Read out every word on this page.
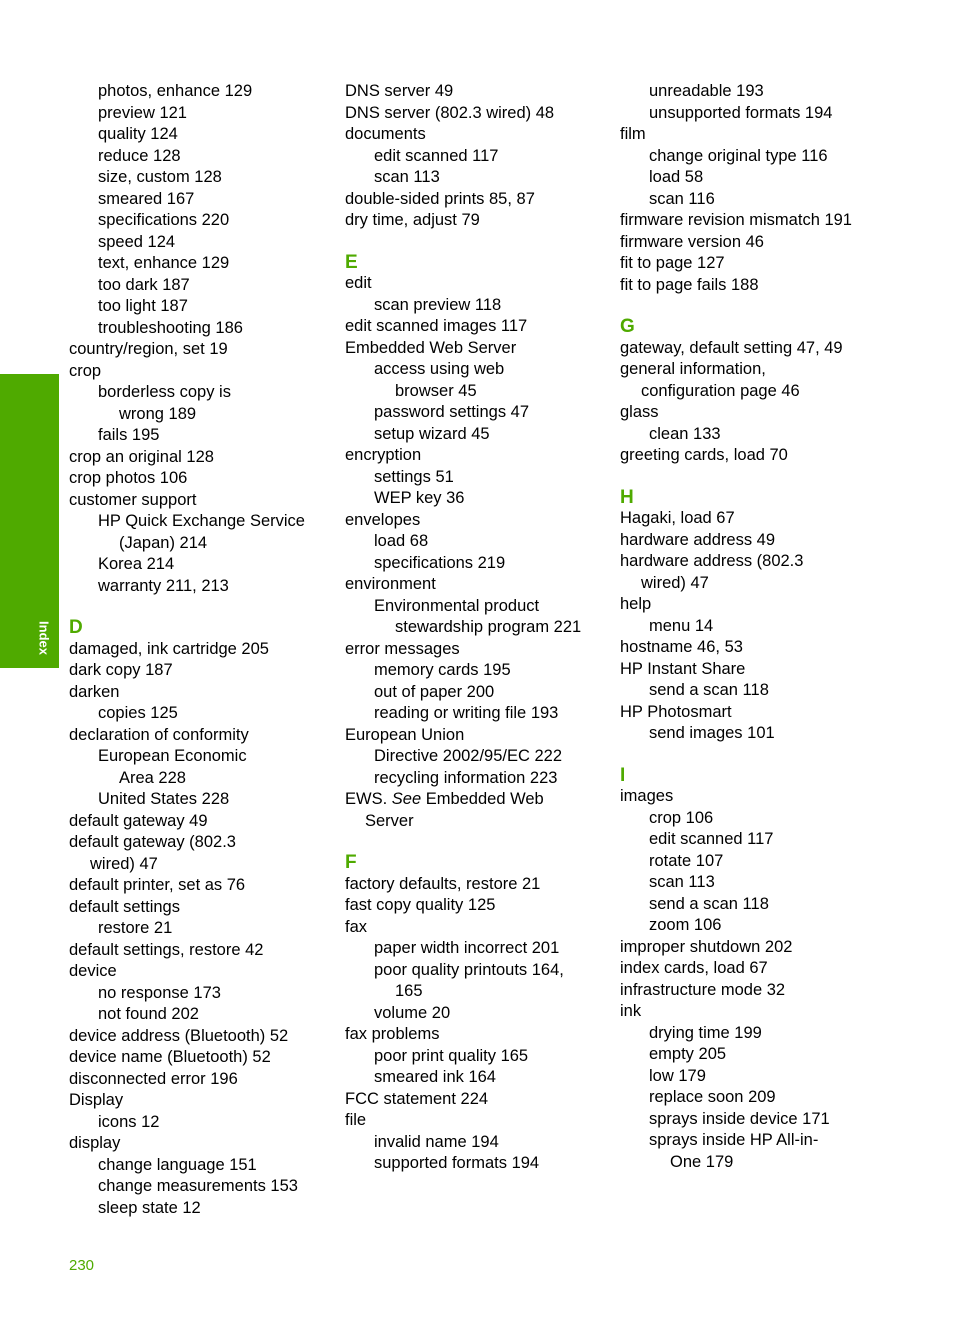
Index
photos, enhance 129
preview 121
quality 124
reduce 128
size, custom 128
smeared 167
specifications 220
speed 124
text, enhance 129
too dark 187
too light 187
troubleshooting 186
country/region, set 19
crop
borderless copy is
wrong 189
fails 195
crop an original 128
crop photos 106
customer support
HP Quick Exchange Service
(Japan) 214
Korea 214
warranty 211, 213
D
damaged, ink cartridge 205
dark copy 187
darken
copies 125
declaration of conformity
European Economic
Area 228
United States 228
default gateway 49
default gateway (802.3
wired) 47
default printer, set as 76
default settings
restore 21
default settings, restore 42
device
no response 173
not found 202
device address (Bluetooth) 52
device name (Bluetooth) 52
disconnected error 196
Display
icons 12
display
change language 151
change measurements 153
sleep state 12
DNS server 49
DNS server (802.3 wired) 48
documents
edit scanned 117
scan 113
double-sided prints 85, 87
dry time, adjust 79
E
edit
scan preview 118
edit scanned images 117
Embedded Web Server
access using web
browser 45
password settings 47
setup wizard 45
encryption
settings 51
WEP key 36
envelopes
load 68
specifications 219
environment
Environmental product
stewardship program 221
error messages
memory cards 195
out of paper 200
reading or writing file 193
European Union
Directive 2002/95/EC 222
recycling information 223
EWS. See Embedded Web
Server
F
factory defaults, restore 21
fast copy quality 125
fax
paper width incorrect 201
poor quality printouts 164,
165
volume 20
fax problems
poor print quality 165
smeared ink 164
FCC statement 224
file
invalid name 194
supported formats 194
unreadable 193
unsupported formats 194
film
change original type 116
load 58
scan 116
firmware revision mismatch 191
firmware version 46
fit to page 127
fit to page fails 188
G
gateway, default setting 47, 49
general information,
configuration page 46
glass
clean 133
greeting cards, load 70
H
Hagaki, load 67
hardware address 49
hardware address (802.3
wired) 47
help
menu 14
hostname 46, 53
HP Instant Share
send a scan 118
HP Photosmart
send images 101
I
images
crop 106
edit scanned 117
rotate 107
scan 113
send a scan 118
zoom 106
improper shutdown 202
index cards, load 67
infrastructure mode 32
ink
drying time 199
empty 205
low 179
replace soon 209
sprays inside device 171
sprays inside HP All-in-
One 179
230
